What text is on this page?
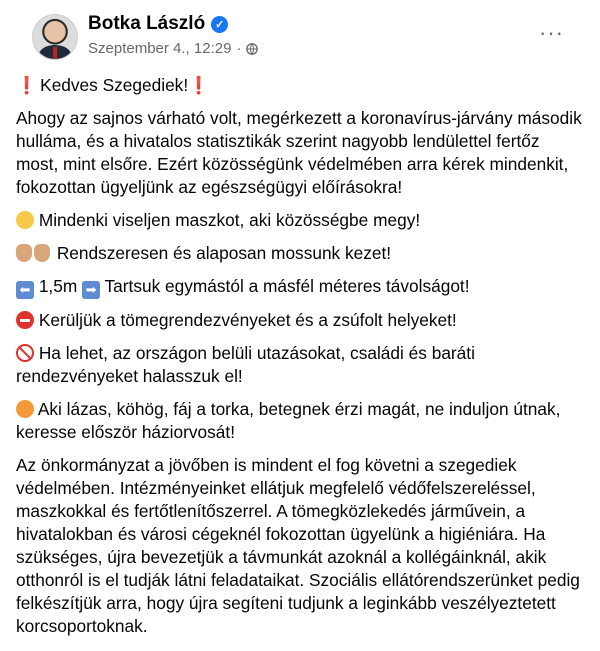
Botka László ✓
Szeptember 4., 12:29 ·
···

❗ Kedves Szegediek!❗

Ahogy az sajnos várható volt, megérkezett a koronavírus-járvány második hulláma, és a hivatalos statisztikák szerint nagyobb lendülettel fertőz most, mint elsőre. Ezért közösségünk védelmében arra kérek mindenkit, fokozottan ügyeljünk az egészségügyi előírásokra!

Mindenki viseljen maszkot, aki közösségbe megy!

Rendszeresen és alaposan mossunk kezet!

⬅ 1,5m ➡ Tartsuk egymástól a másfél méteres távolságot!

Kerüljük a tömegrendezvényeket és a zsúfolt helyeket!

Ha lehet, az országon belüli utazásokat, családi és baráti rendezvényeket halasszuk el!

Aki lázas, köhög, fáj a torka, betegnek érzi magát, ne induljon útnak, keresse először háziorvosát!

Az önkormányzat a jövőben is mindent el fog követni a szegediek védelmében. Intézményeinket ellátjuk megfelelő védőfelszereléssel, maszkokkal és fertőtlenítőszerrel. A tömegközlekedés járművein, a hivatalokban és városi cégeknél fokozottan ügyelünk a higiéniára. Ha szükséges, újra bevezetjük a távmunkát azoknál a kollégáinknál, akik otthonról is el tudják látni feladataikat. Szociális ellátórendszerünket pedig felkészítjük arra, hogy újra segíteni tudjunk a leginkább veszélyeztetett korcsoportoknak.
